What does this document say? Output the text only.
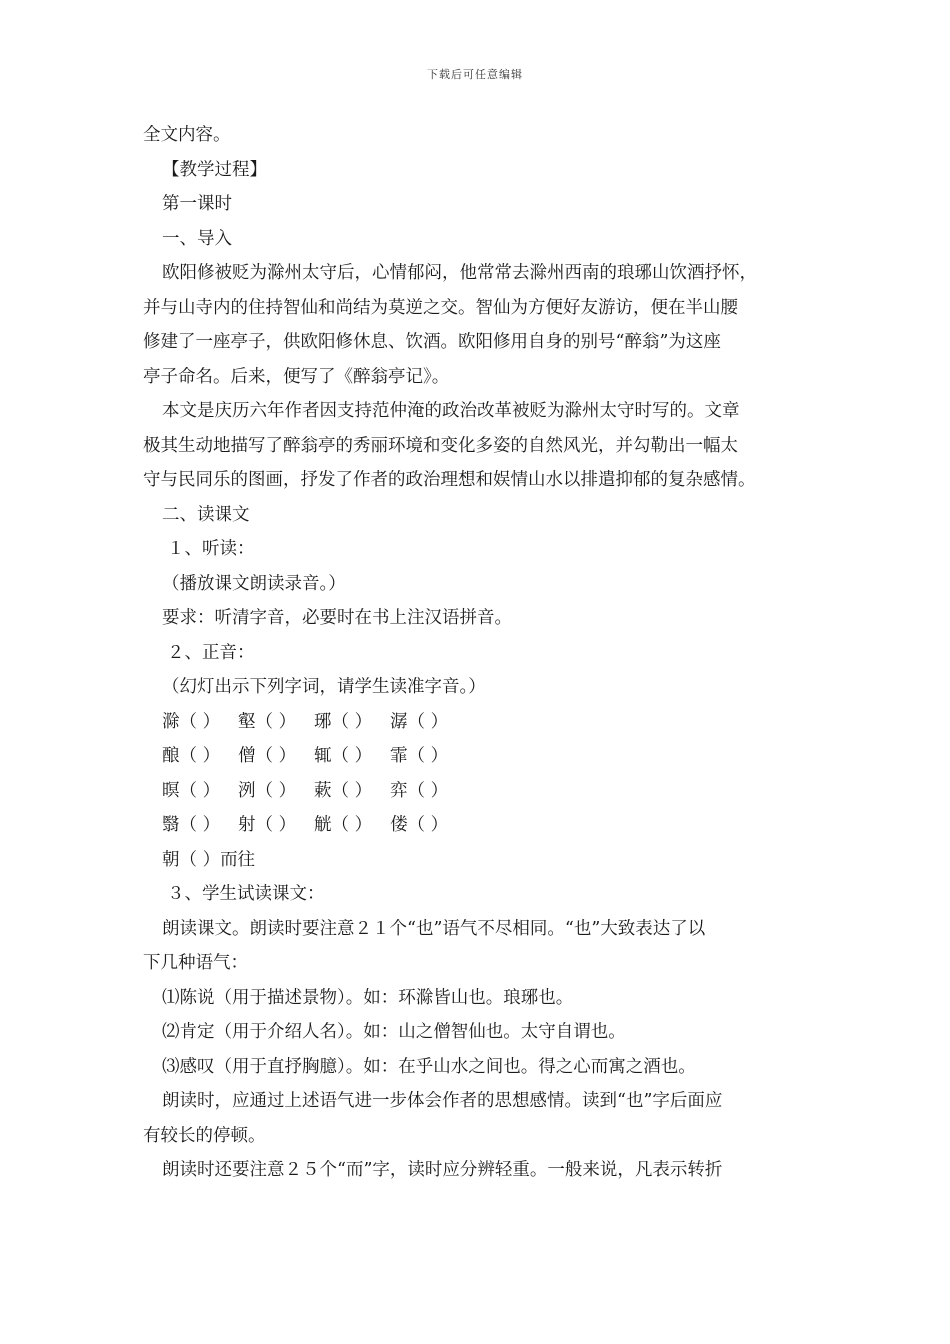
下载后可任意编辑

全文内容。

【教学过程】

第一课时

一、导入

欧阳修被贬为滁州太守后，心情郁闷，他常常去滁州西南的琅琊山饮酒抒怀，

并与山寺内的住持智仙和尚结为莫逆之交。智仙为方便好友游访，便在半山腰

修建了一座亭子，供欧阳修休息、饮酒。欧阳修用自身的别号“醉翁”为这座

亭子命名。后来，便写了《醉翁亭记》。

本文是庆历六年作者因支持范仲淹的政治改革被贬为滁州太守时写的。文章

极其生动地描写了醉翁亭的秀丽环境和变化多姿的自然风光，并勾勒出一幅太

守与民同乐的图画，抒发了作者的政治理想和娱情山水以排遣抑郁的复杂感情。

二、读课文

１、听读：

（播放课文朗读录音。）

要求：听清字音，必要时在书上注汉语拼音。

２、正音：

（幻灯出示下列字词，请学生读准字音。）

滁（ ）	壑（ ）	琊（ ）	潺（ ）
酿（ ）	僧（ ）	辄（ ）	霏（ ）
暝（ ）	洌（ ）	蔌（ ）	弈（ ）
翳（ ）	射（ ）	觥（ ）	偻（ ）
朝（ ）而往

３、学生试读课文：

朗读课文。朗读时要注意２１个“也”语气不尽相同。“也”大致表达了以

下几种语气：

⑴陈说（用于描述景物）。如：环滁皆山也。琅琊也。

⑵肯定（用于介绍人名）。如：山之僧智仙也。太守自谓也。

⑶感叹（用于直抒胸臆）。如：在乎山水之间也。得之心而寓之酒也。

朗读时，应通过上述语气进一步体会作者的思想感情。读到“也”字后面应

有较长的停顿。

朗读时还要注意２５个“而”字，读时应分辨轻重。一般来说，凡表示转折
